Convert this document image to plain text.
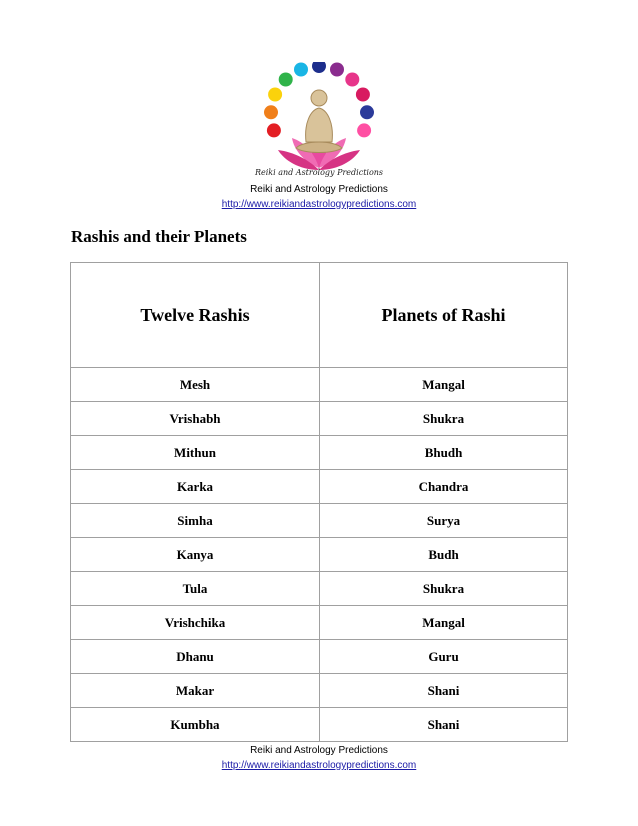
Reiki and Astrology Predictions
Reiki and Astrology Predictions
http://www.reikiandastrologypredictions.com
Rashis and their Planets
Twelve Rashis	Planets of Rashi
Mesh	Mangal
Vrishabh	Shukra
Mithun	Bhudh
Karka	Chandra
Simha	Surya
Kanya	Budh
Tula	Shukra
Vrishchika	Mangal
Dhanu	Guru
Makar	Shani
Kumbha	Shani
Reiki and Astrology Predictions
http://www.reikiandastrologypredictions.com
